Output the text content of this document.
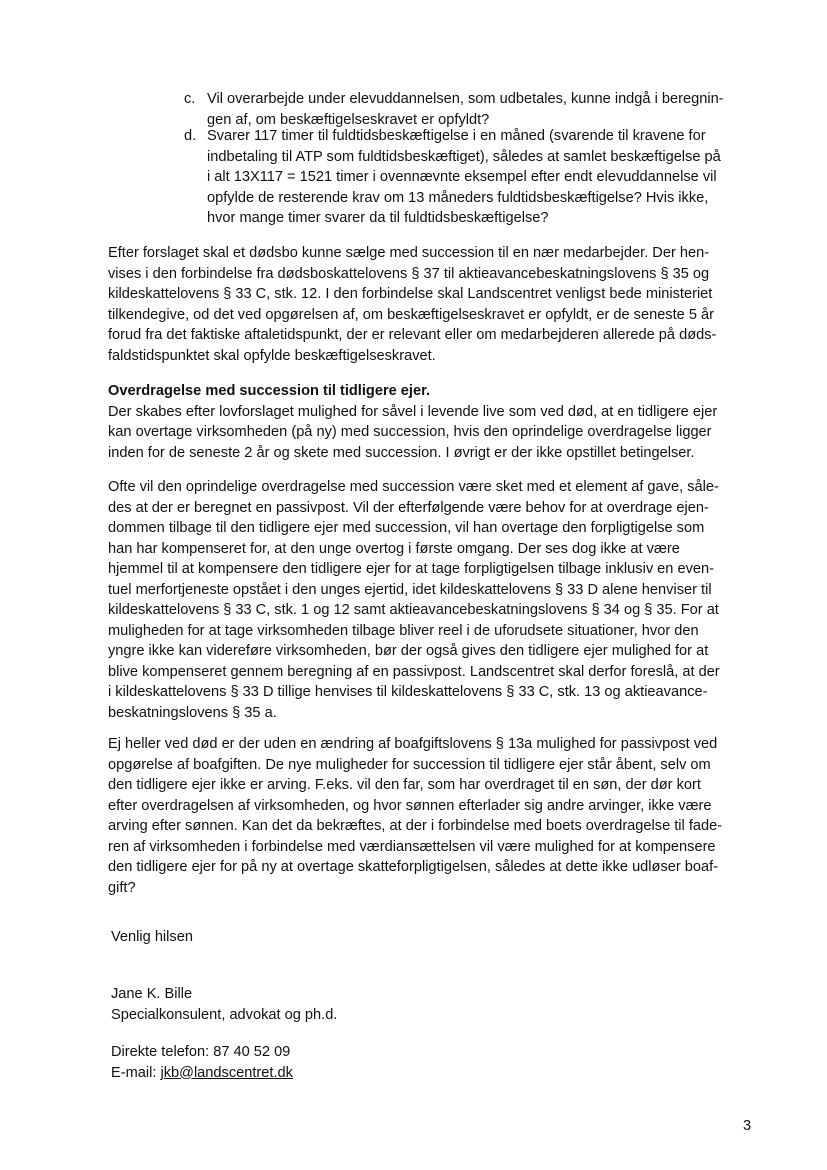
c. Vil overarbejde under elevuddannelsen, som udbetales, kunne indgå i beregnin-
gen af, om beskæftigelseskravet er opfyldt?
d. Svarer 117 timer til fuldtidsbeskæftigelse i en måned (svarende til kravene for
indbetaling til ATP som fuldtidsbeskæftiget), således at samlet beskæftigelse på
i alt 13X117 = 1521 timer i ovennævnte eksempel efter endt elevuddannelse vil
opfylde de resterende krav om 13 måneders fuldtidsbeskæftigelse? Hvis ikke,
hvor mange timer svarer da til fuldtidsbeskæftigelse?
Efter forslaget skal et dødsbo kunne sælge med succession til en nær medarbejder. Der hen-
vises i den forbindelse fra dødsboskattelovens § 37 til aktieavancebeskatningslovens § 35 og
kildeskattelovens § 33 C, stk. 12. I den forbindelse skal Landscentret venligst bede ministeriet
tilkendegive, od det ved opgørelsen af, om beskæftigelseskravet er opfyldt, er de seneste 5 år
forud fra det faktiske aftaletidspunkt, der er relevant eller om medarbejderen allerede på døds-
faldstidspunktet skal opfylde beskæftigelseskravet.
Overdragelse med succession til tidligere ejer.
Der skabes efter lovforslaget mulighed for såvel i levende live som ved død, at en tidligere ejer
kan overtage virksomheden (på ny) med succession, hvis den oprindelige overdragelse ligger
inden for de seneste 2 år og skete med succession. I øvrigt er der ikke opstillet betingelser.
Ofte vil den oprindelige overdragelse med succession være sket med et element af gave, såle-
des at der er beregnet en passivpost. Vil der efterfølgende være behov for at overdrage ejen-
dommen tilbage til den tidligere ejer med succession, vil han overtage den forpligtigelse som
han har kompenseret for, at den unge overtog i første omgang. Der ses dog ikke at være
hjemmel til at kompensere den tidligere ejer for at tage forpligtigelsen tilbage inklusiv en even-
tuel merfortjeneste opstået i den unges ejertid, idet kildeskattelovens § 33 D alene henviser til
kildeskattelovens § 33 C, stk. 1 og 12 samt aktieavancebeskatningslovens § 34 og § 35. For at
muligheden for at tage virksomheden tilbage bliver reel i de uforudsete situationer, hvor den
yngre ikke kan videreføre virksomheden, bør der også gives den tidligere ejer mulighed for at
blive kompenseret gennem beregning af en passivpost. Landscentret skal derfor foreslå, at der
i kildeskattelovens § 33 D tillige henvises til kildeskattelovens § 33 C, stk. 13 og aktieavance-
beskatningslovens § 35 a.
Ej heller ved død er der uden en ændring af boafgiftslovens § 13a mulighed for passivpost ved
opgørelse af boafgiften. De nye muligheder for succession til tidligere ejer står åbent, selv om
den tidligere ejer ikke er arving. F.eks. vil den far, som har overdraget til en søn, der dør kort
efter overdragelsen af virksomheden, og hvor sønnen efterlader sig andre arvinger, ikke være
arving efter sønnen. Kan det da bekræftes, at der i forbindelse med boets overdragelse til fade-
ren af virksomheden i forbindelse med værdiansættelsen vil være mulighed for at kompensere
den tidligere ejer for på ny at overtage skatteforpligtigelsen, således at dette ikke udløser boaf-
gift?
Venlig hilsen
Jane K. Bille
Specialkonsulent, advokat og ph.d.
Direkte telefon: 87 40 52 09
E-mail: jkb@landscentret.dk
3
